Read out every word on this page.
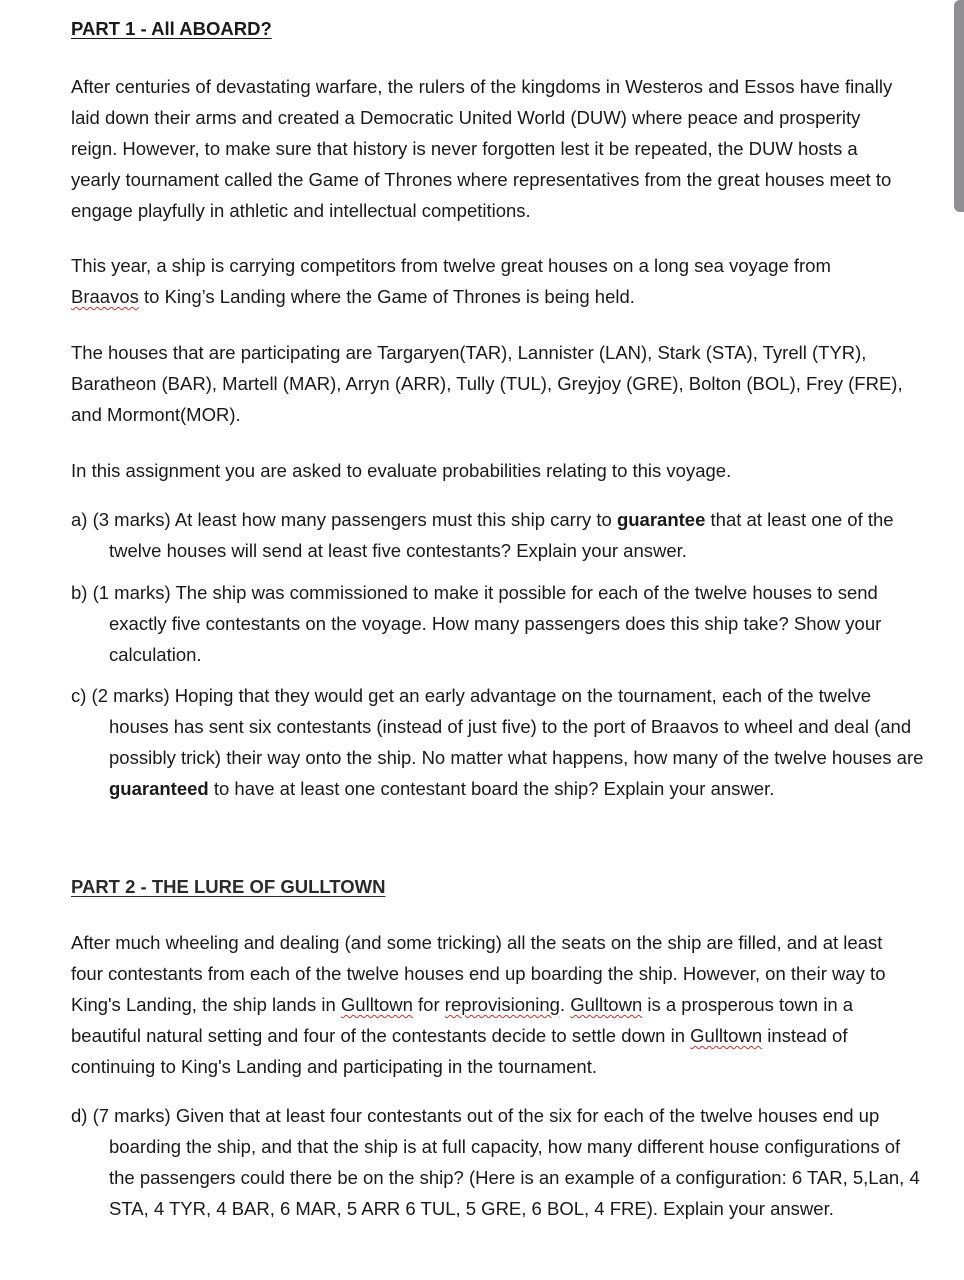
PART 1 - All ABOARD?

After centuries of devastating warfare, the rulers of the kingdoms in Westeros and Essos have finally laid down their arms and created a Democratic United World (DUW) where peace and prosperity reign. However, to make sure that history is never forgotten lest it be repeated, the DUW hosts a yearly tournament called the Game of Thrones where representatives from the great houses meet to engage playfully in athletic and intellectual competitions.

This year, a ship is carrying competitors from twelve great houses on a long sea voyage from
Braavos to King’s Landing where the Game of Thrones is being held.

The houses that are participating are Targaryen(TAR), Lannister (LAN), Stark (STA), Tyrell (TYR), Baratheon (BAR), Martell (MAR), Arryn (ARR), Tully (TUL), Greyjoy (GRE), Bolton (BOL), Frey (FRE), and Mormont(MOR).

In this assignment you are asked to evaluate probabilities relating to this voyage.

a) (3 marks) At least how many passengers must this ship carry to guarantee that at least one of the twelve houses will send at least five contestants? Explain your answer.

b) (1 marks) The ship was commissioned to make it possible for each of the twelve houses to send exactly five contestants on the voyage. How many passengers does this ship take? Show your calculation.

c) (2 marks) Hoping that they would get an early advantage on the tournament, each of the twelve houses has sent six contestants (instead of just five) to the port of Braavos to wheel and deal (and possibly trick) their way onto the ship. No matter what happens, how many of the twelve houses are guaranteed to have at least one contestant board the ship? Explain your answer.

PART 2 - THE LURE OF GULLTOWN

After much wheeling and dealing (and some tricking) all the seats on the ship are filled, and at least four contestants from each of the twelve houses end up boarding the ship. However, on their way to King's Landing, the ship lands in Gulltown for reprovisioning. Gulltown is a prosperous town in a beautiful natural setting and four of the contestants decide to settle down in Gulltown instead of continuing to King's Landing and participating in the tournament.

d) (7 marks) Given that at least four contestants out of the six for each of the twelve houses end up boarding the ship, and that the ship is at full capacity, how many different house configurations of the passengers could there be on the ship? (Here is an example of a configuration: 6 TAR, 5,Lan, 4 STA, 4 TYR, 4 BAR, 6 MAR, 5 ARR 6 TUL, 5 GRE, 6 BOL, 4 FRE). Explain your answer.
